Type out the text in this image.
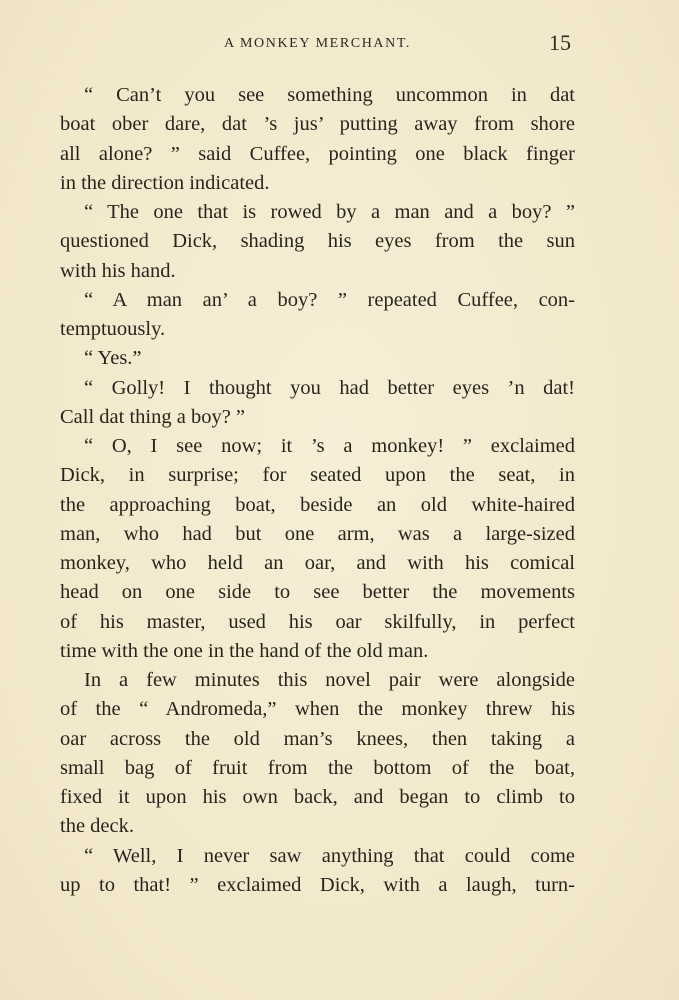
A MONKEY MERCHANT.	15
“ Can’t you see something uncommon in dat
boat ober dare, dat ’s jus’ putting away from shore
all alone? ” said Cuffee, pointing one black finger
in the direction indicated.
“ The one that is rowed by a man and a boy? ”
questioned Dick, shading his eyes from the sun
with his hand.
“ A man an’ a boy? ” repeated Cuffee, con-
temptuously.
“ Yes.”
“ Golly! I thought you had better eyes ’n dat!
Call dat thing a boy? ”
“ O, I see now; it ’s a monkey! ” exclaimed
Dick, in surprise; for seated upon the seat, in
the approaching boat, beside an old white-haired
man, who had but one arm, was a large-sized
monkey, who held an oar, and with his comical
head on one side to see better the movements
of his master, used his oar skilfully, in perfect
time with the one in the hand of the old man.
In a few minutes this novel pair were alongside
of the “ Andromeda,” when the monkey threw his
oar across the old man’s knees, then taking a
small bag of fruit from the bottom of the boat,
fixed it upon his own back, and began to climb to
the deck.
“ Well, I never saw anything that could come
up to that! ” exclaimed Dick, with a laugh, turn-
